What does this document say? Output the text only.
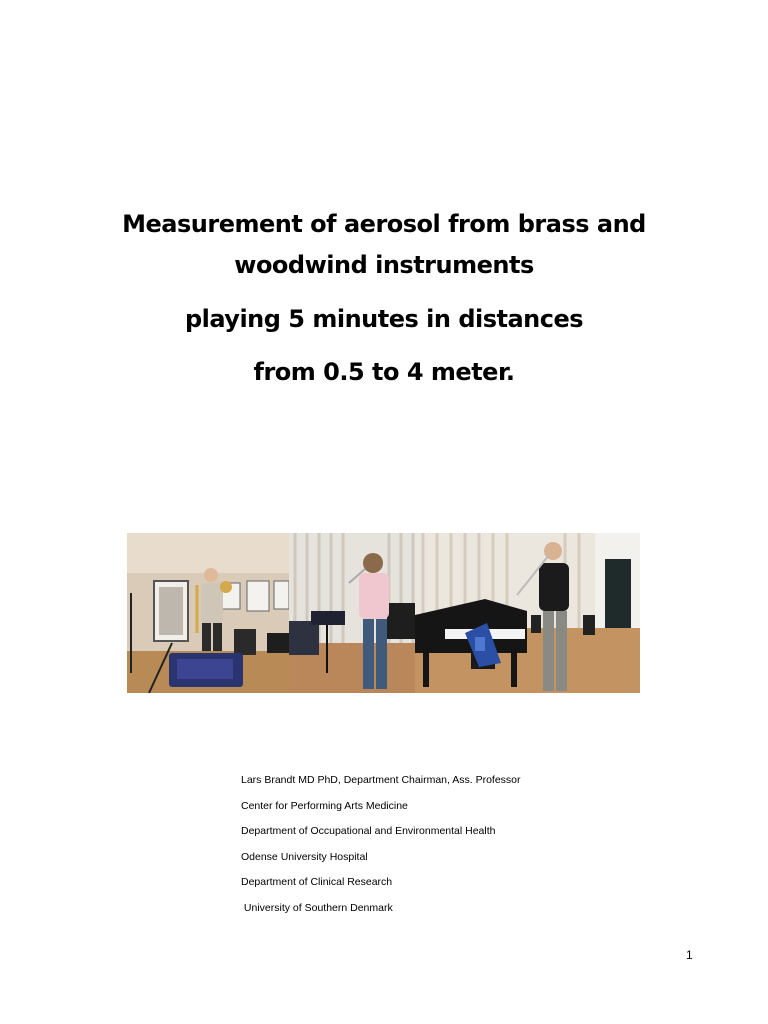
Measurement of aerosol from brass and
woodwind instruments
playing 5 minutes in distances
from 0.5 to 4 meter.
Lars Brandt MD PhD, Department Chairman, Ass. Professor
Center for Performing Arts Medicine
Department of Occupational and Environmental Health
Odense University Hospital
Department of Clinical Research
University of Southern Denmark
1
